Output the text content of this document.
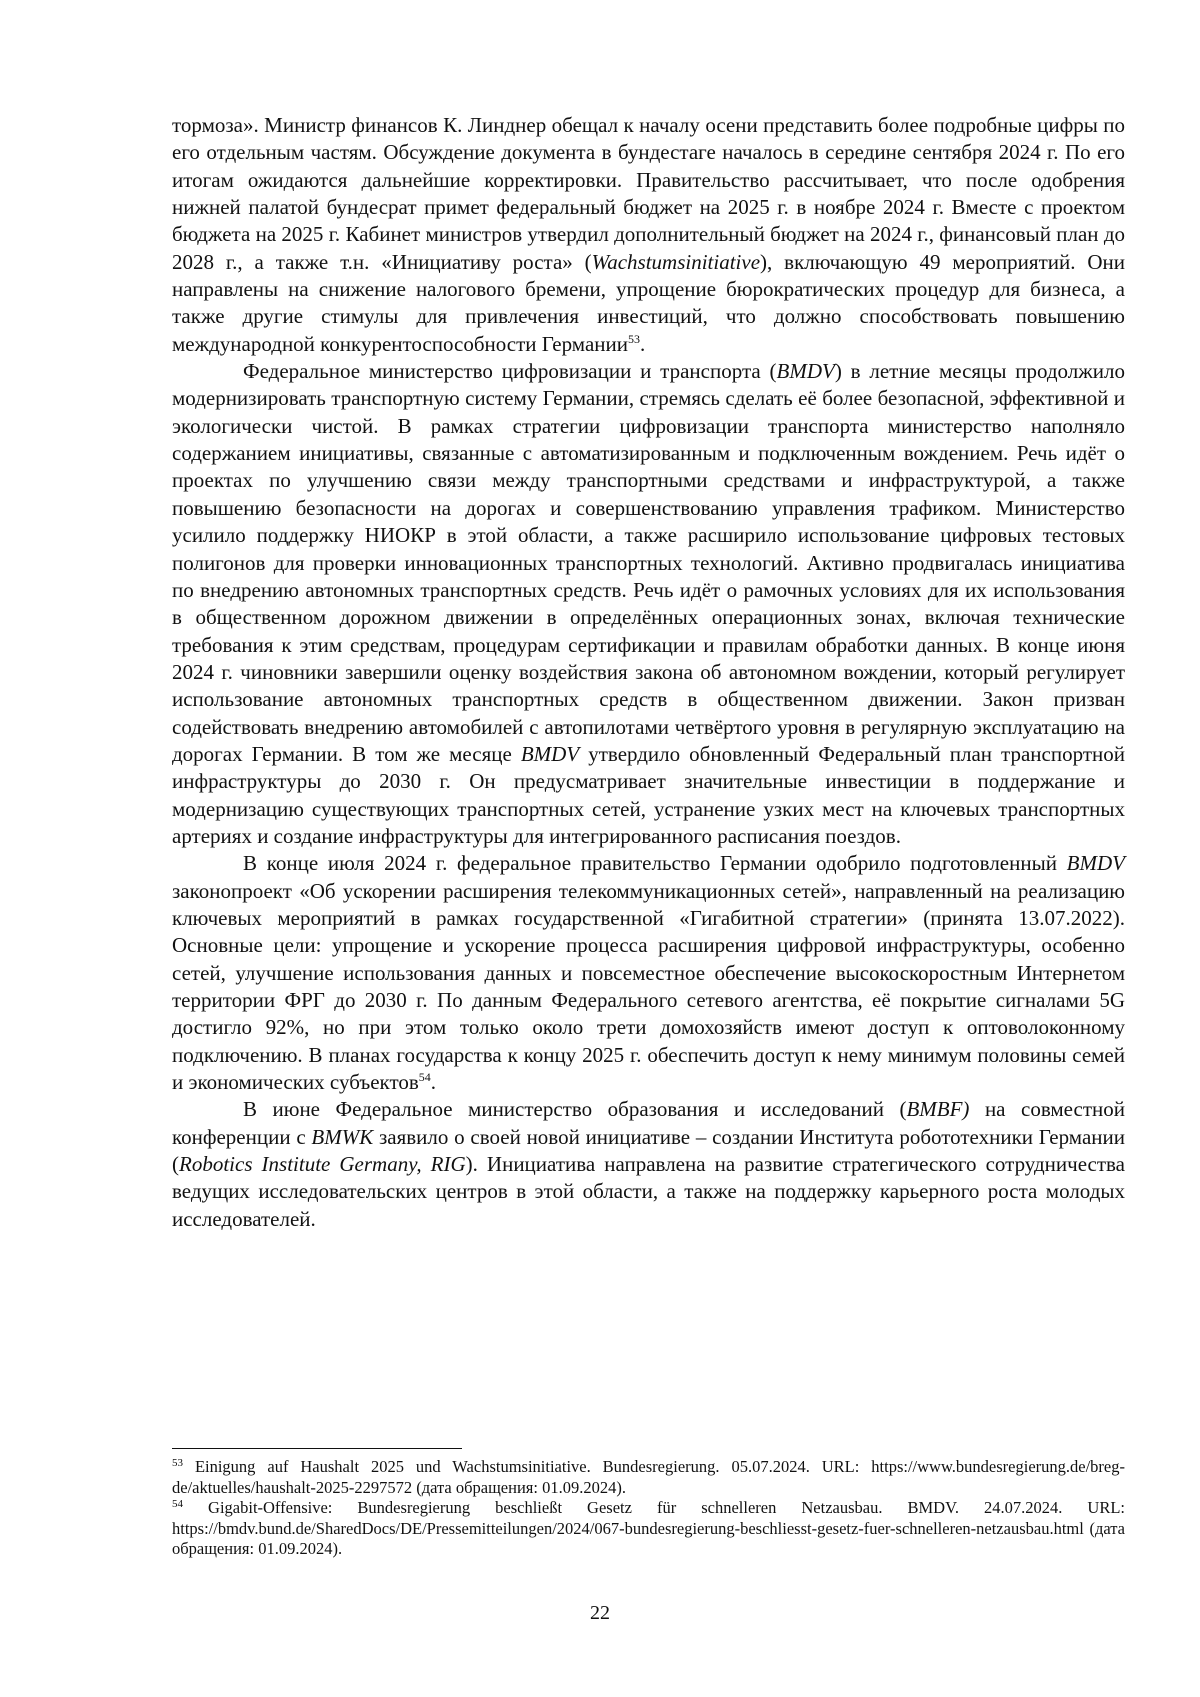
тормоза». Министр финансов К. Линднер обещал к началу осени представить более подробные цифры по его отдельным частям. Обсуждение документа в бундестаге началось в середине сентября 2024 г. По его итогам ожидаются дальнейшие корректировки. Правительство рассчитывает, что после одобрения нижней палатой бундесрат примет федеральный бюджет на 2025 г. в ноябре 2024 г. Вместе с проектом бюджета на 2025 г. Кабинет министров утвердил дополнительный бюджет на 2024 г., финансовый план до 2028 г., а также т.н. «Инициативу роста» (Wachstumsinitiative), включающую 49 мероприятий. Они направлены на снижение налогового бремени, упрощение бюрократических процедур для бизнеса, а также другие стимулы для привлечения инвестиций, что должно способствовать повышению международной конкурентоспособности Германии$^{53}$.

Федеральное министерство цифровизации и транспорта (BMDV) в летние месяцы продолжило модернизировать транспортную систему Германии, стремясь сделать её более безопасной, эффективной и экологически чистой. В рамках стратегии цифровизации транспорта министерство наполняло содержанием инициативы, связанные с автоматизированным и подключенным вождением. Речь идёт о проектах по улучшению связи между транспортными средствами и инфраструктурой, а также повышению безопасности на дорогах и совершенствованию управления трафиком. Министерство усилило поддержку НИОКР в этой области, а также расширило использование цифровых тестовых полигонов для проверки инновационных транспортных технологий. Активно продвигалась инициатива по внедрению автономных транспортных средств. Речь идёт о рамочных условиях для их использования в общественном дорожном движении в определённых операционных зонах, включая технические требования к этим средствам, процедурам сертификации и правилам обработки данных. В конце июня 2024 г. чиновники завершили оценку воздействия закона об автономном вождении, который регулирует использование автономных транспортных средств в общественном движении. Закон призван содействовать внедрению автомобилей с автопилотами четвёртого уровня в регулярную эксплуатацию на дорогах Германии. В том же месяце BMDV утвердило обновленный Федеральный план транспортной инфраструктуры до 2030 г. Он предусматривает значительные инвестиции в поддержание и модернизацию существующих транспортных сетей, устранение узких мест на ключевых транспортных артериях и создание инфраструктуры для интегрированного расписания поездов.

В конце июля 2024 г. федеральное правительство Германии одобрило подготовленный BMDV законопроект «Об ускорении расширения телекоммуникационных сетей», направленный на реализацию ключевых мероприятий в рамках государственной «Гигабитной стратегии» (принята 13.07.2022). Основные цели: упрощение и ускорение процесса расширения цифровой инфраструктуры, особенно сетей, улучшение использования данных и повсеместное обеспечение высокоскоростным Интернетом территории ФРГ до 2030 г. По данным Федерального сетевого агентства, её покрытие сигналами 5G достигло 92%, но при этом только около трети домохозяйств имеют доступ к оптоволоконному подключению. В планах государства к концу 2025 г. обеспечить доступ к нему минимум половины семей и экономических субъектов$^{54}$.

В июне Федеральное министерство образования и исследований (BMBF) на совместной конференции с BMWK заявило о своей новой инициативе – создании Института робототехники Германии (Robotics Institute Germany, RIG). Инициатива направлена на развитие стратегического сотрудничества ведущих исследовательских центров в этой области, а также на поддержку карьерного роста молодых исследователей.

$^{53}$ Einigung auf Haushalt 2025 und Wachstumsinitiative. Bundesregierung. 05.07.2024. URL: https://www.bundesregierung.de/breg-de/aktuelles/haushalt-2025-2297572 (дата обращения: 01.09.2024).

$^{54}$ Gigabit-Offensive: Bundesregierung beschließt Gesetz für schnelleren Netzausbau. BMDV. 24.07.2024. URL: https://bmdv.bund.de/SharedDocs/DE/Pressemitteilungen/2024/067-bundesregierung-beschliesst-gesetz-fuer-schnelleren-netzausbau.html (дата обращения: 01.09.2024).

22
